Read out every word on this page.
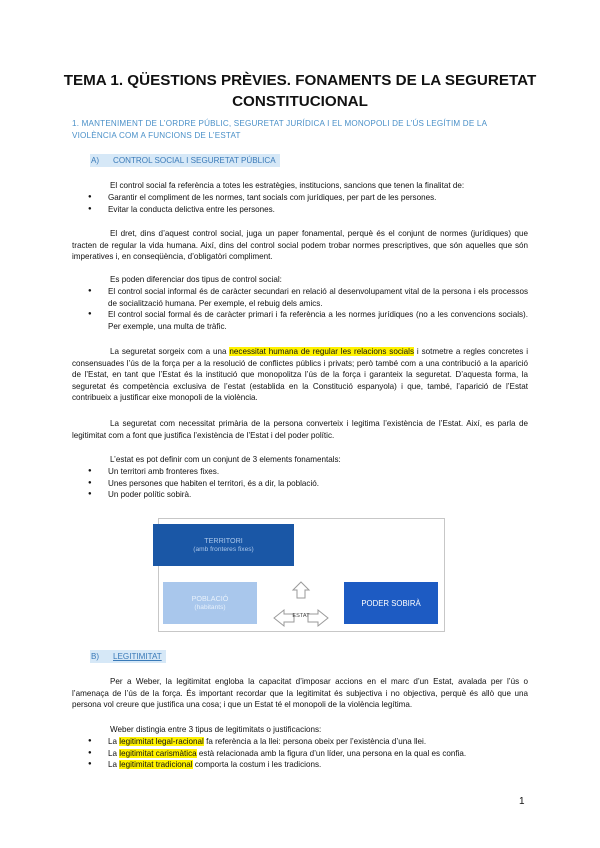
TEMA 1. QÜESTIONS PRÈVIES. FONAMENTS DE LA SEGURETAT CONSTITUCIONAL

1. MANTENIMENT DE L’ORDRE PÚBLIC, SEGURETAT JURÍDICA I EL MONOPOLI DE L’ÚS LEGÍTIM DE LA VIOLÈNCIA COM A FUNCIONS DE L’ESTAT

A) CONTROL SOCIAL I SEGURETAT PÚBLICA

El control social fa referència a totes les estratègies, institucions, sancions que tenen la finalitat de:

● Garantir el compliment de les normes, tant socials com jurídiques, per part de les persones.
● Evitar la conducta delictiva entre les persones.

El dret, dins d’aquest control social, juga un paper fonamental, perquè és el conjunt de normes (jurídiques) que tracten de regular la vida humana. Així, dins del control social podem trobar normes prescriptives, que són aquelles que són imperatives i, en conseqüència, d’obligatòri compliment.

Es poden diferenciar dos tipus de control social:

● El control social informal és de caràcter secundari en relació al desenvolupament vital de la persona i els processos de socialització humana. Per exemple, el rebuig dels amics.
● El control social formal és de caràcter primari i fa referència a les normes jurídiques (no a les convencions socials). Per exemple, una multa de tràfic.

La seguretat sorgeix com a una necessitat humana de regular les relacions socials i sotmetre a regles concretes i consensuades l’ús de la força per a la resolució de conflictes públics i privats; però també com a una contribució a la aparició de l’Estat, en tant que l’Estat és la institució que monopolitza l’ús de la força i garanteix la seguretat. D’aquesta forma, la seguretat és competència exclusiva de l’estat (establida en la Constitució espanyola) i que, també, l’aparició de l’Estat contribueix a justificar eixe monopoli de la violència.

La seguretat com necessitat primària de la persona converteix i legitima l’existència de l’Estat. Així, es parla de legitimitat com a font que justifica l’existència de l’Estat i del poder polític.

L’estat es pot definir com un conjunt de 3 elements fonamentals:

● Un territori amb fronteres fixes.
● Unes persones que habiten el territori, és a dir, la població.
● Un poder polític sobirà.
TERRITORI
(amb fronteres fixes)
POBLACIÓ
(habitants)	PODER SOBIRÀ
ESTAT
B) LEGITIMITAT

Per a Weber, la legitimitat engloba la capacitat d’imposar accions en el marc d’un Estat, avalada per l’ús o l’amenaça de l’ús de la força. És important recordar que la legitimitat és subjectiva i no objectiva, perquè és allò que una persona vol creure que justifica una cosa; i que un Estat té el monopoli de la violència legítima.

Weber distingia entre 3 tipus de legitimitats o justificacions:

● La legitimitat legal-racional fa referència a la llei: persona obeix per l’existència d’una llei.
● La legitimitat carismàtica està relacionada amb la figura d’un líder, una persona en la qual es confia.
● La legitimitat tradicional comporta la costum i les tradicions.
1
